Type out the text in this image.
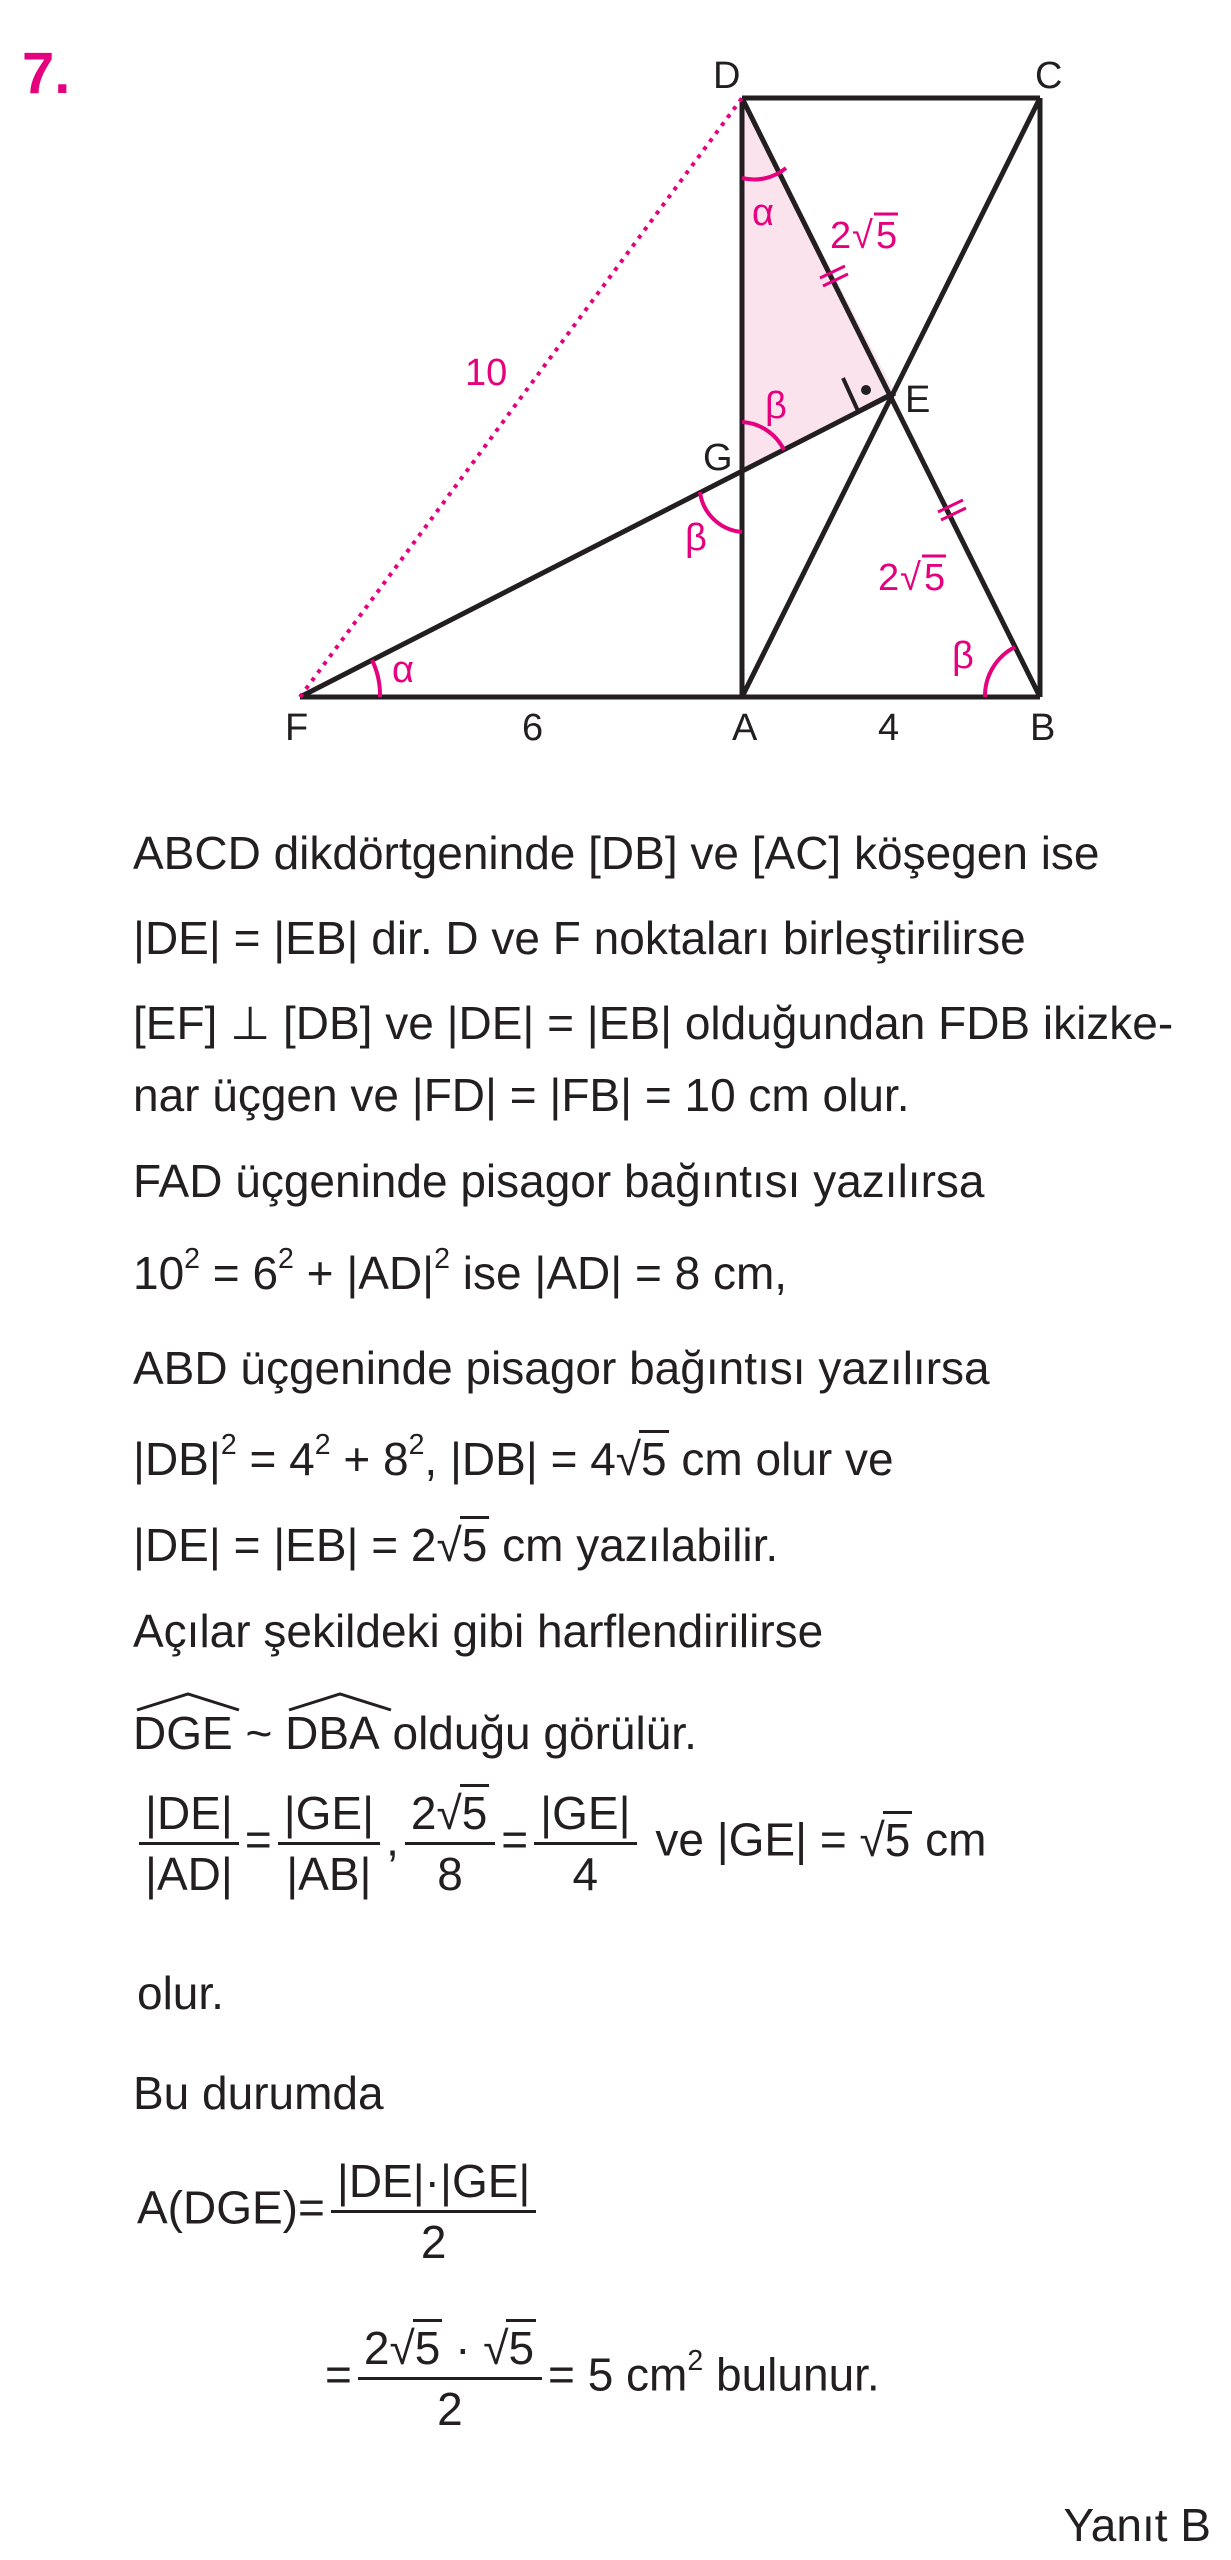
7.	D	C
E
G
F	A	B
6	4
10
2 √ 5
2 √ 5
α
β
β
α	β
ABCD dikdörtgeninde [DB] ve [AC] köşegen ise
|DE| = |EB| dir. D ve F noktaları birleştirilirse
[EF] ⊥ [DB] ve |DE| = |EB| olduğundan FDB ikizke-
nar üçgen ve |FD| = |FB| = 10 cm olur.
FAD üçgeninde pisagor bağıntısı yazılırsa
$10^2 = 6^2 + |AD|^2$ ise |AD| = 8 cm,
ABD üçgeninde pisagor bağıntısı yazılırsa
$|DB|^2 = 4^2 + 8^2$, |DB| = 4√5 cm olur ve
|DE| = |EB| = 2√5 cm yazılabilir.
Açılar şekildeki gibi harflendirilirse
DGE ~
DBA olduğu görülür.
$\frac{|DE|}{|AD|} = \frac{|GE|}{|AB|}$ , $\frac{2√5}{8} = \frac{|GE|}{4}$ ve |GE| = √5 cm
olur.
Bu durumda
$A(DGE)= \frac{|DE|\cdot|GE|}{2}$
= $\frac{2√5 \cdot √5}{2} = 5$ $cm^2$ bulunur.
Yanıt B
